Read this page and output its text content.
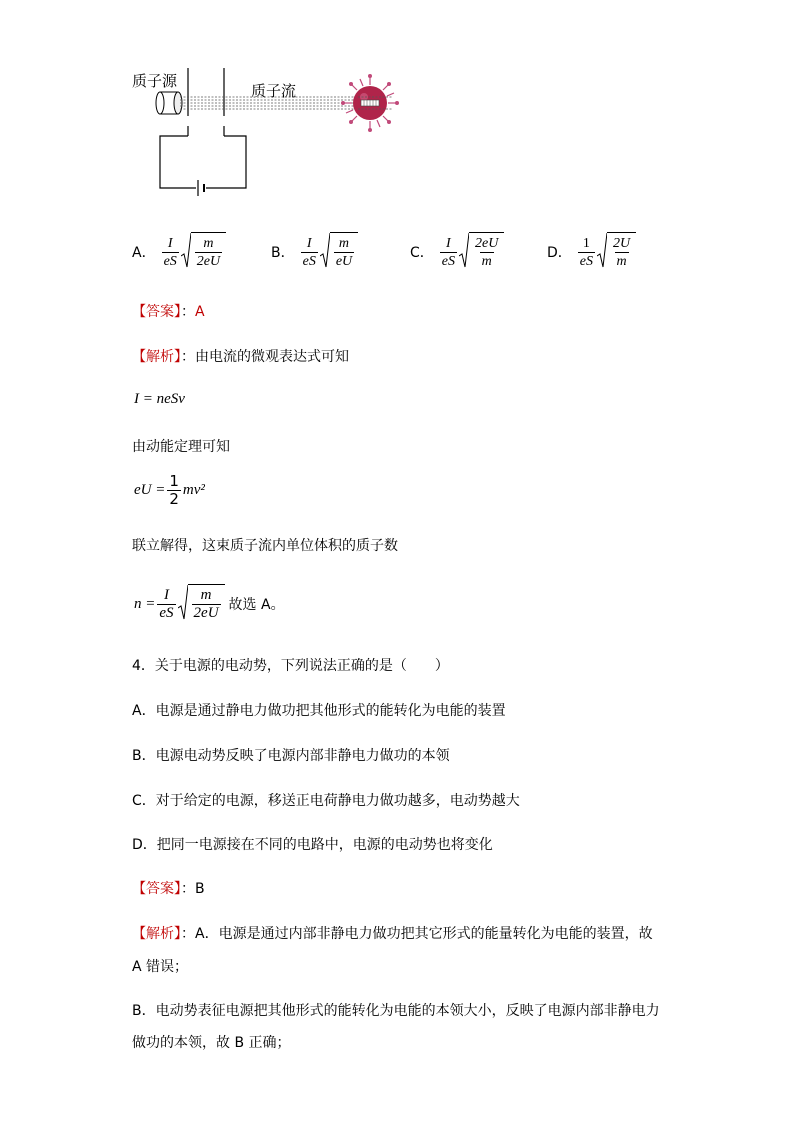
质子源
质子流
A． $\frac{I}{eS} \frac{m}{2eU}$	B． $\frac{I}{eS} \frac{m}{eU}$	C． $\frac{I}{eS} \frac{2eU}{m}$	D． $\frac{1}{eS} \frac{2U}{m}$
【答案】：A
【解析】：由电流的微观表达式可知
I = neSv
由动能定理可知
eU = $\frac{1}{2} mv^2$
联立解得，这束质子流内单位体积的质子数
$n = \frac{I}{eS} \frac{m}{2eU}$ 故选 A。
4．关于电源的电动势，下列说法正确的是（　　）
A．电源是通过静电力做功把其他形式的能转化为电能的装置
B．电源电动势反映了电源内部非静电力做功的本领
C．对于给定的电源，移送正电荷静电力做功越多，电动势越大
D．把同一电源接在不同的电路中，电源的电动势也将变化
【答案】：B
【解析】：A．电源是通过内部非静电力做功把其它形式的能量转化为电能的装置，故
A 错误；
B．电动势表征电源把其他形式的能转化为电能的本领大小，反映了电源内部非静电力
做功的本领，故 B 正确；
